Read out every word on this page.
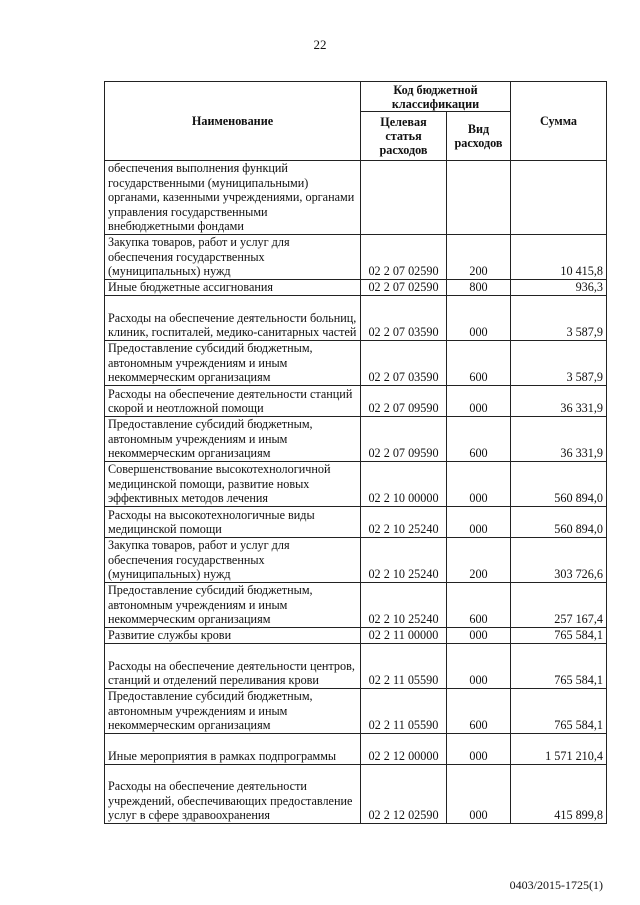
22
Наименование	Код бюджетной классификации		Сумма
	Целевая статья расходов	Вид расходов	
обеспечения выполнения функций государственными (муниципальными) органами, казенными учреждениями, органами управления государственными внебюджетными фондами			
Закупка товаров, работ и услуг для обеспечения государственных (муниципальных) нужд	02 2 07 02590	200	10 415,8
Иные бюджетные ассигнования	02 2 07 02590	800	936,3
Расходы на обеспечение деятельности больниц, клиник, госпиталей, медико-санитарных частей	02 2 07 03590	000	3 587,9
Предоставление субсидий бюджетным, автономным учреждениям и иным некоммерческим организациям	02 2 07 03590	600	3 587,9
Расходы на обеспечение деятельности станций скорой и неотложной помощи	02 2 07 09590	000	36 331,9
Предоставление субсидий бюджетным, автономным учреждениям и иным некоммерческим организациям	02 2 07 09590	600	36 331,9
Совершенствование высокотехнологичной медицинской помощи, развитие новых эффективных методов лечения	02 2 10 00000	000	560 894,0
Расходы на высокотехнологичные виды медицинской помощи	02 2 10 25240	000	560 894,0
Закупка товаров, работ и услуг для обеспечения государственных (муниципальных) нужд	02 2 10 25240	200	303 726,6
Предоставление субсидий бюджетным, автономным учреждениям и иным некоммерческим организациям	02 2 10 25240	600	257 167,4
Развитие службы крови	02 2 11 00000	000	765 584,1
Расходы на обеспечение деятельности центров, станций и отделений переливания крови	02 2 11 05590	000	765 584,1
Предоставление субсидий бюджетным, автономным учреждениям и иным некоммерческим организациям	02 2 11 05590	600	765 584,1
Иные мероприятия в рамках подпрограммы	02 2 12 00000	000	1 571 210,4
Расходы на обеспечение деятельности учреждений, обеспечивающих предоставление услуг в сфере здравоохранения	02 2 12 02590	000	415 899,8
0403/2015-1725(1)
